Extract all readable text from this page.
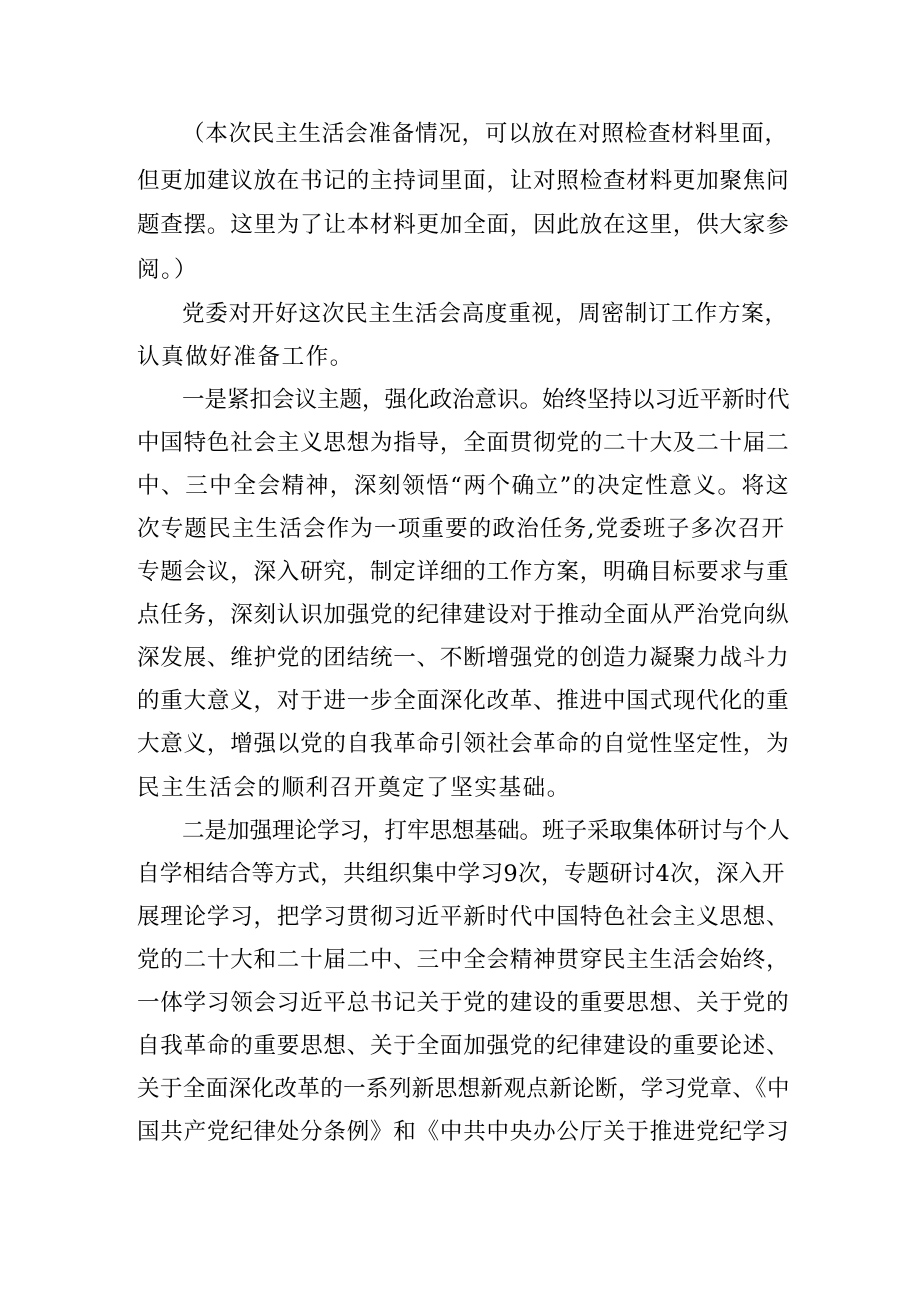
（本次民主生活会准备情况，可以放在对照检查材料里面，
但更加建议放在书记的主持词里面，让对照检查材料更加聚焦问
题查摆。这里为了让本材料更加全面，因此放在这里，供大家参
阅。）
党委对开好这次民主生活会高度重视，周密制订工作方案，
认真做好准备工作。
一是紧扣会议主题，强化政治意识。始终坚持以习近平新时代
中国特色社会主义思想为指导，全面贯彻党的二十大及二十届二
中、三中全会精神，深刻领悟“两个确立”的决定性意义。将这
次专题民主生活会作为一项重要的政治任务,党委班子多次召开
专题会议，深入研究，制定详细的工作方案，明确目标要求与重
点任务，深刻认识加强党的纪律建设对于推动全面从严治党向纵
深发展、维护党的团结统一、不断增强党的创造力凝聚力战斗力
的重大意义，对于进一步全面深化改革、推进中国式现代化的重
大意义，增强以党的自我革命引领社会革命的自觉性坚定性，为
民主生活会的顺利召开奠定了坚实基础。
二是加强理论学习，打牢思想基础。班子采取集体研讨与个人
自学相结合等方式，共组织集中学习9次，专题研讨4次，深入开
展理论学习，把学习贯彻习近平新时代中国特色社会主义思想、
党的二十大和二十届二中、三中全会精神贯穿民主生活会始终，
一体学习领会习近平总书记关于党的建设的重要思想、关于党的
自我革命的重要思想、关于全面加强党的纪律建设的重要论述、
关于全面深化改革的一系列新思想新观点新论断，学习党章、《中
国共产党纪律处分条例》和《中共中央办公厅关于推进党纪学习
